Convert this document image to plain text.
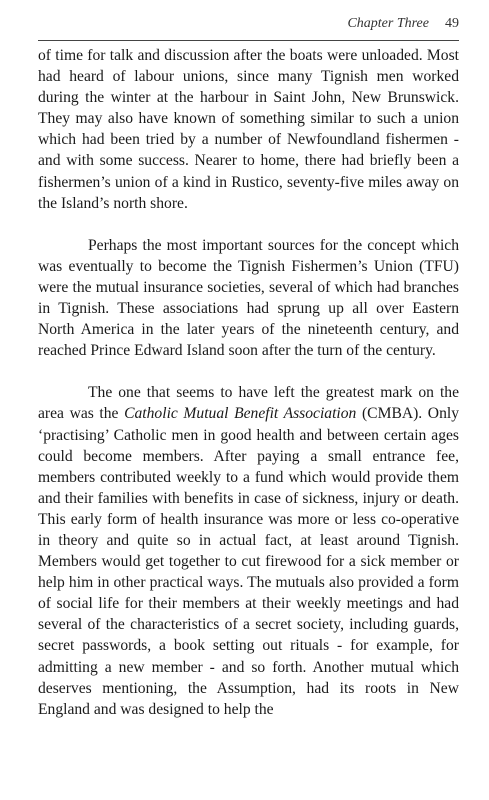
Chapter Three 49

of time for talk and discussion after the boats were unloaded. Most had heard of labour unions, since many Tignish men worked during the winter at the harbour in Saint John, New Brunswick. They may also have known of something similar to such a union which had been tried by a number of Newfoundland fishermen - and with some success. Nearer to home, there had briefly been a fishermen’s union of a kind in Rustico, seventy-five miles away on the Island’s north shore.

Perhaps the most important sources for the concept which was eventually to become the Tignish Fishermen’s Union (TFU) were the mutual insurance societies, several of which had branches in Tignish. These associations had sprung up all over Eastern North America in the later years of the nineteenth century, and reached Prince Edward Island soon after the turn of the century.

The one that seems to have left the greatest mark on the area was the Catholic Mutual Benefit Association (CMBA). Only ‘practising’ Catholic men in good health and between certain ages could become members. After paying a small entrance fee, members contributed weekly to a fund which would provide them and their families with benefits in case of sickness, injury or death. This early form of health insurance was more or less co-operative in theory and quite so in actual fact, at least around Tignish. Members would get together to cut firewood for a sick member or help him in other practical ways. The mutuals also provided a form of social life for their members at their weekly meetings and had several of the characteristics of a secret society, including guards, secret passwords, a book setting out rituals - for example, for admitting a new member - and so forth. Another mutual which deserves mentioning, the Assumption, had its roots in New England and was designed to help the
